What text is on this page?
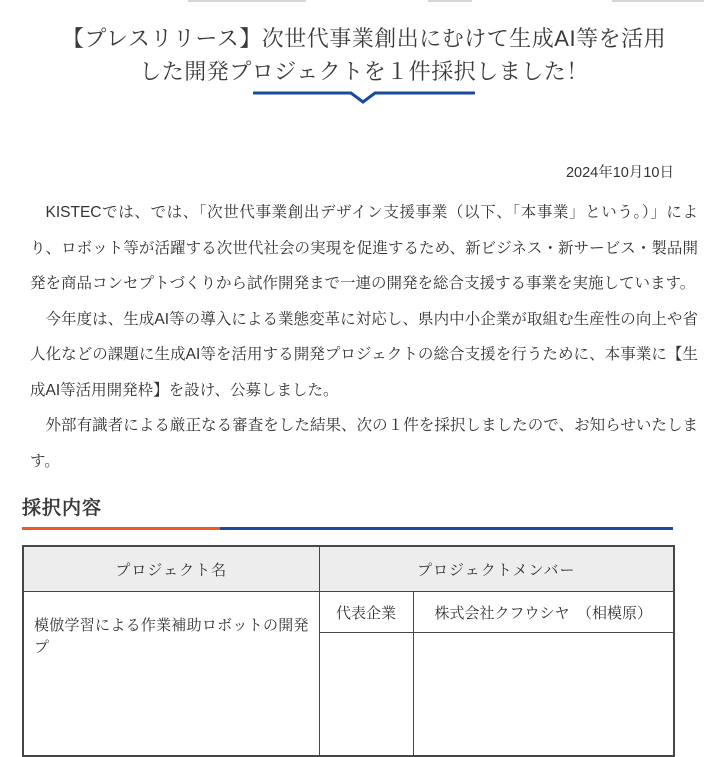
【プレスリリース】次世代事業創出にむけて生成AI等を活用
した開発プロジェクトを１件採択しました！
2024年10月10日

KISTECでは、では、「次世代事業創出デザイン支援事業（以下、「本事業」という。）」により、ロボット等が活躍する次世代社会の実現を促進するため、新ビジネス・新サービス・製品開発を商品コンセプトづくりから試作開発まで一連の開発を総合支援する事業を実施しています。

今年度は、生成AI等の導入による業態変革に対応し、県内中小企業が取組む生産性の向上や省人化などの課題に生成AI等を活用する開発プロジェクトの総合支援を行うために、本事業に【生成AI等活用開発枠】を設け、公募しました。

外部有識者による厳正なる審査をした結果、次の１件を採択しましたので、お知らせいたします。

採択内容
プロジェクト名	プロジェクトメンバー	
模倣学習による作業補助ロボットの開発プ	代表企業	株式会社クフウシヤ　（相模原）
